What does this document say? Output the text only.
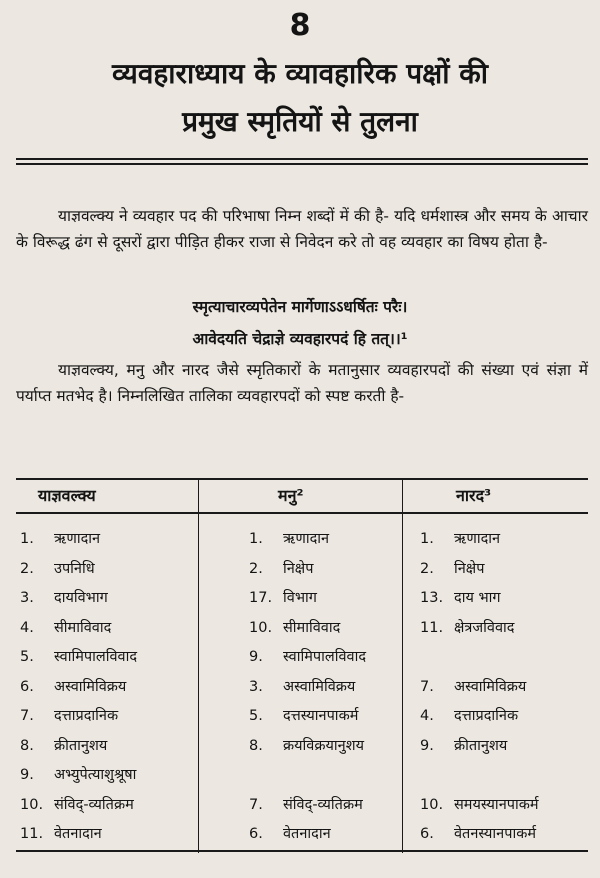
8
व्यवहाराध्याय के व्यावहारिक पक्षों की
प्रमुख स्मृतियों से तुलना

याज्ञवल्क्य ने व्यवहार पद की परिभाषा निम्न शब्दों में की है- यदि धर्मशास्त्र और समय के आचार के विरूद्ध ढंग से दूसरों द्वारा पीड़ित हीकर राजा से निवेदन करे तो वह व्यवहार का विषय होता है-

स्मृत्याचारव्यपेतेन मार्गेणाऽऽधर्षितः परैः।
आवेदयति चेद्राज्ञे व्यवहारपदं हि तत्।।¹

याज्ञवल्क्य, मनु और नारद जैसे स्मृतिकारों के मतानुसार व्यवहारपदों की संख्या एवं संज्ञा में पर्याप्त मतभेद है। निम्नलिखित तालिका व्यवहारपदों को स्पष्ट करती है-

याज्ञवल्क्य	मनु²	नारद³
1. ऋणादान
2. उपनिधि
3. दायविभाग
4. सीमाविवाद
5. स्वामिपालविवाद
6. अस्वामिविक्रय
7. दत्ताप्रदानिक
8. क्रीतानुशय
9. अभ्युपेत्याशुश्रूषा
10. संविद्-व्यतिक्रम
11. वेतनादान
1. ऋणादान
2. निक्षेप
17. विभाग
10. सीमाविवाद
9. स्वामिपालविवाद
3. अस्वामिविक्रय
5. दत्तस्यानपाकर्म
8. क्रयविक्रयानुशय
7. संविद्-व्यतिक्रम
6. वेतनादान
1. ऋणादान
2. निक्षेप
13. दाय भाग
11. क्षेत्रजविवाद
7. अस्वामिविक्रय
4. दत्ताप्रदानिक
9. क्रीतानुशय
10. समयस्यानपाकर्म
6. वेतनस्यानपाकर्म
